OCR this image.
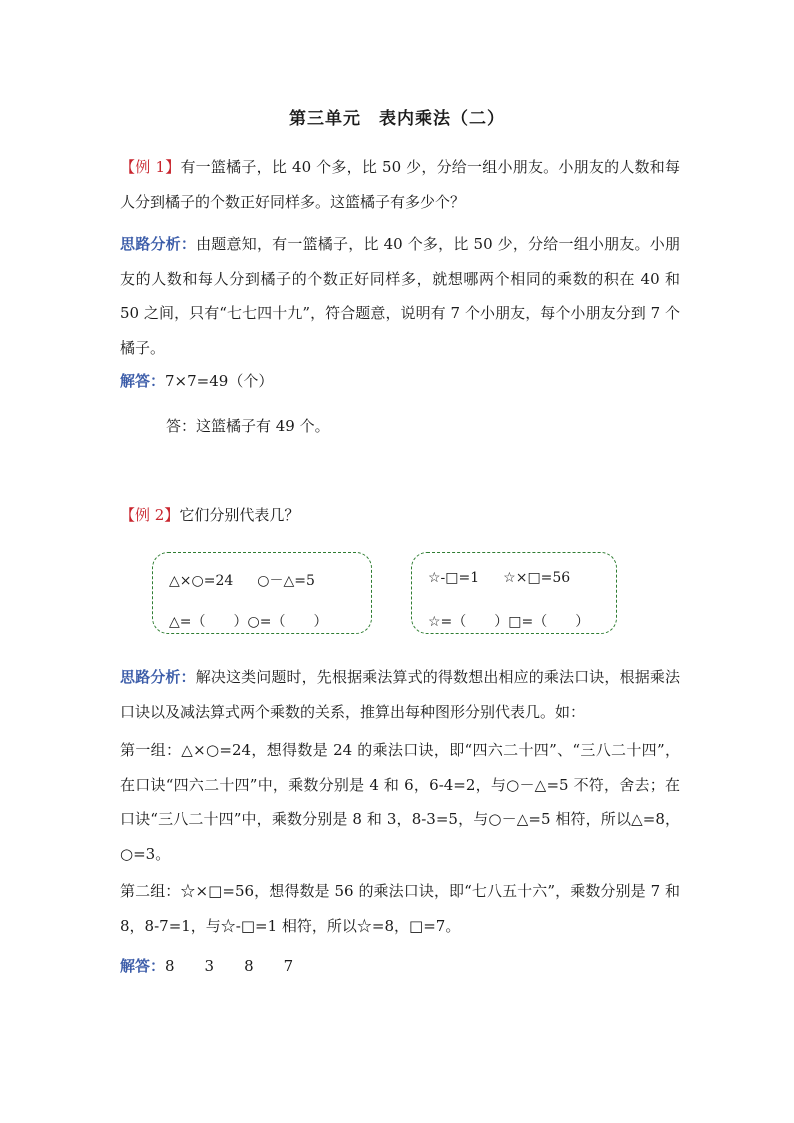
第三单元　表内乘法（二）
【例 1】有一篮橘子，比 40 个多，比 50 少，分给一组小朋友。小朋友的人数和每人分到橘子的个数正好同样多。这篮橘子有多少个？
思路分析：由题意知，有一篮橘子，比 40 个多，比 50 少，分给一组小朋友。小朋友的人数和每人分到橘子的个数正好同样多，就想哪两个相同的乘数的积在 40 和 50 之间，只有“七七四十九”，符合题意，说明有 7 个小朋友，每个小朋友分到 7 个橘子。
解答：7×7=49（个）
答：这篮橘子有 49 个。
【例 2】它们分别代表几？
△×○=24 ○－△=5
△=（　　）○=（　　）
☆-□=1 ☆×□=56
☆=（　　）□=（　　）
思路分析：解决这类问题时，先根据乘法算式的得数想出相应的乘法口诀，根据乘法口诀以及减法算式两个乘数的关系，推算出每种图形分别代表几。如：
第一组：△×○=24，想得数是 24 的乘法口诀，即“四六二十四”、“三八二十四”，在口诀“四六二十四”中，乘数分别是 4 和 6，6-4=2，与○－△=5 不符，舍去；在口诀“三八二十四”中，乘数分别是 8 和 3，8-3=5，与○－△=5 相符，所以△=8，○=3。
第二组：☆×□=56，想得数是 56 的乘法口诀，即“七八五十六”，乘数分别是 7 和 8，8-7=1，与☆-□=1 相符，所以☆=8，□=7。
解答：8　　3　　8　　7
